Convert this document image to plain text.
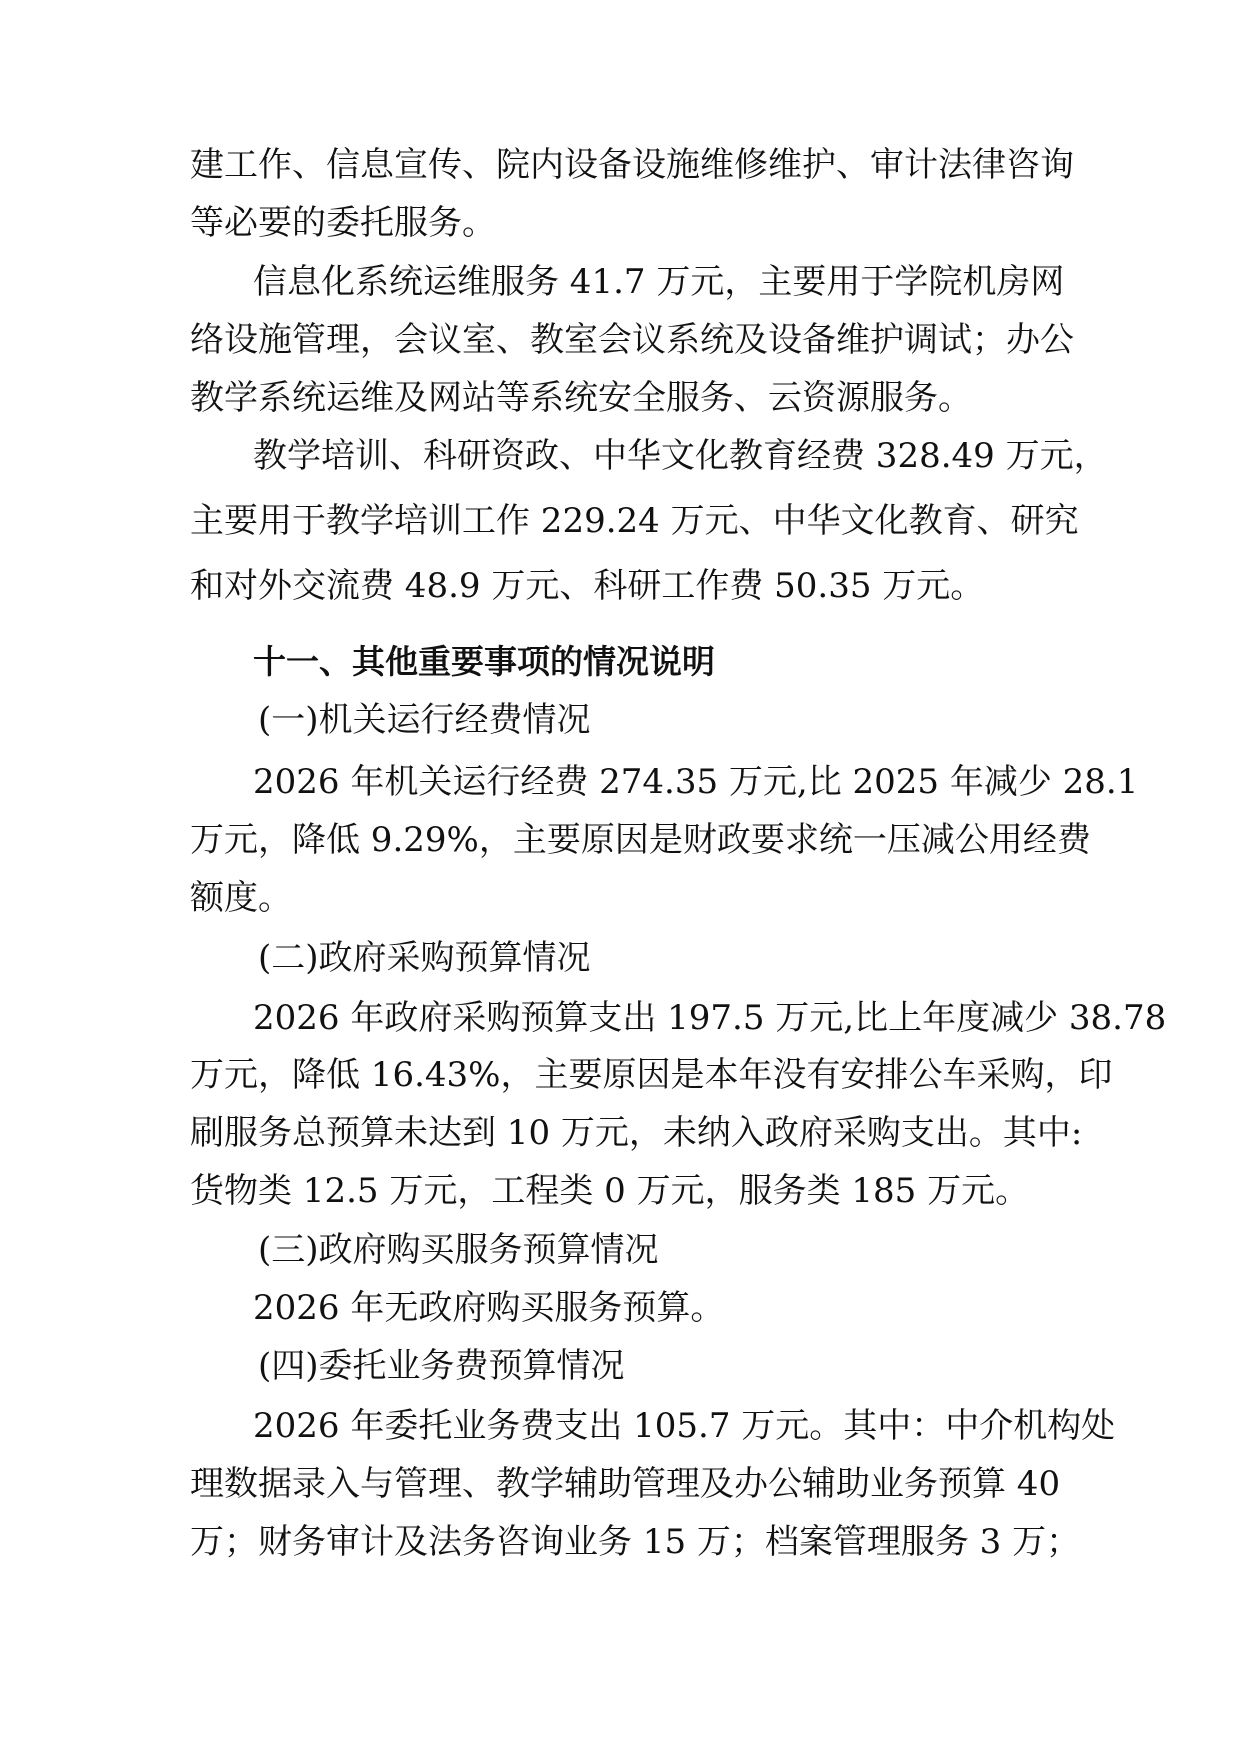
建工作、信息宣传、院内设备设施维修维护、审计法律咨询
等必要的委托服务。
信息化系统运维服务 41.7 万元，主要用于学院机房网
络设施管理，会议室、教室会议系统及设备维护调试；办公
教学系统运维及网站等系统安全服务、云资源服务。
教学培训、科研资政、中华文化教育经费 328.49 万元，
主要用于教学培训工作 229.24 万元、中华文化教育、研究
和对外交流费 48.9 万元、科研工作费 50.35 万元。
十一、其他重要事项的情况说明
(一)机关运行经费情况
2026 年机关运行经费 274.35 万元,比 2025 年减少 28.1
万元，降低 9.29%，主要原因是财政要求统一压减公用经费
额度。
(二)政府采购预算情况
2026 年政府采购预算支出 197.5 万元,比上年度减少 38.78
万元，降低 16.43%，主要原因是本年没有安排公车采购，印
刷服务总预算未达到 10 万元，未纳入政府采购支出。其中:
货物类 12.5 万元，工程类 0 万元，服务类 185 万元。
(三)政府购买服务预算情况
2026 年无政府购买服务预算。
(四)委托业务费预算情况
2026 年委托业务费支出 105.7 万元。其中：中介机构处
理数据录入与管理、教学辅助管理及办公辅助业务预算 40
万；财务审计及法务咨询业务 15 万；档案管理服务 3 万；
